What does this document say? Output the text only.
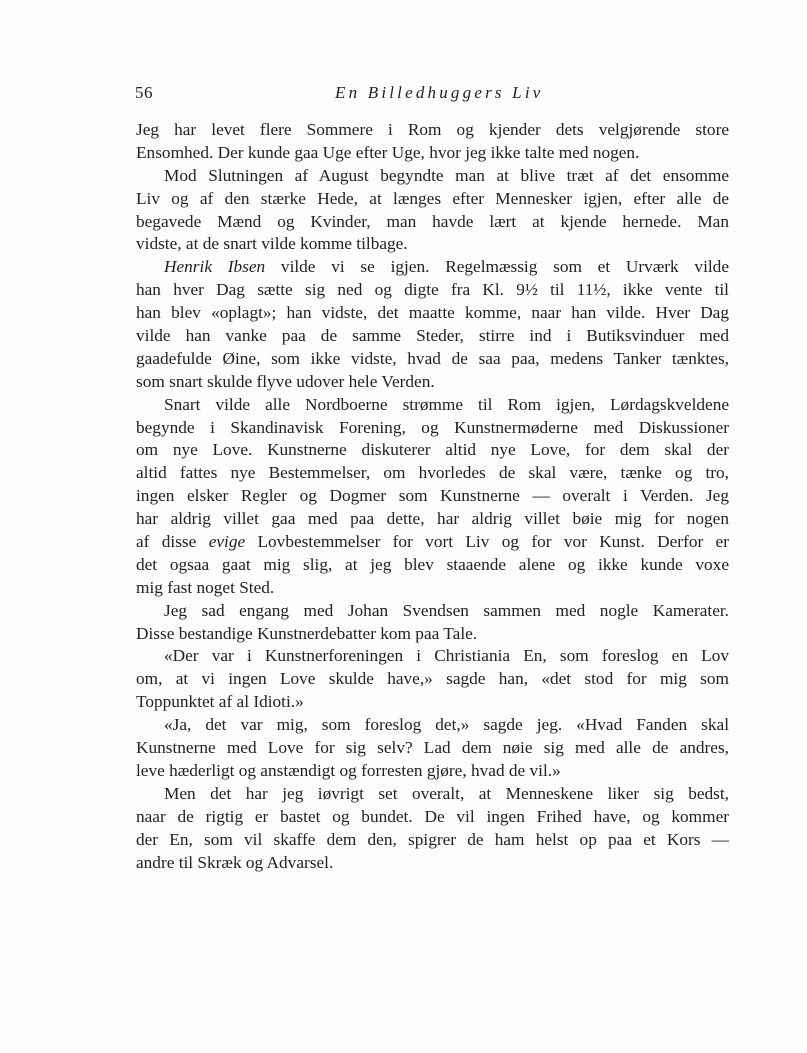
56	En Billedhuggers Liv
Jeg har levet flere Sommere i Rom og kjender dets velgjørende store
Ensomhed. Der kunde gaa Uge efter Uge, hvor jeg ikke talte med nogen.
Mod Slutningen af August begyndte man at blive træt af det ensomme
Liv og af den stærke Hede, at længes efter Mennesker igjen, efter alle de
begavede Mænd og Kvinder, man havde lært at kjende hernede. Man
vidste, at de snart vilde komme tilbage.
Henrik Ibsen vilde vi se igjen. Regelmæssig som et Urværk vilde
han hver Dag sætte sig ned og digte fra Kl. 9½ til 11½, ikke vente til
han blev «oplagt»; han vidste, det maatte komme, naar han vilde. Hver Dag
vilde han vanke paa de samme Steder, stirre ind i Butiksvinduer med
gaadefulde Øine, som ikke vidste, hvad de saa paa, medens Tanker tænktes,
som snart skulde flyve udover hele Verden.
Snart vilde alle Nordboerne strømme til Rom igjen, Lørdagskveldene
begynde i Skandinavisk Forening, og Kunstnermøderne med Diskussioner
om nye Love. Kunstnerne diskuterer altid nye Love, for dem skal der
altid fattes nye Bestemmelser, om hvorledes de skal være, tænke og tro,
ingen elsker Regler og Dogmer som Kunstnerne — overalt i Verden. Jeg
har aldrig villet gaa med paa dette, har aldrig villet bøie mig for nogen
af disse evige Lovbestemmelser for vort Liv og for vor Kunst. Derfor er
det ogsaa gaat mig slig, at jeg blev staaende alene og ikke kunde voxe
mig fast noget Sted.
Jeg sad engang med Johan Svendsen sammen med nogle Kamerater.
Disse bestandige Kunstnerdebatter kom paa Tale.
«Der var i Kunstnerforeningen i Christiania En, som foreslog en Lov
om, at vi ingen Love skulde have,» sagde han, «det stod for mig som
Toppunktet af al Idioti.»
«Ja, det var mig, som foreslog det,» sagde jeg. «Hvad Fanden skal
Kunstnerne med Love for sig selv? Lad dem nøie sig med alle de andres,
leve hæderligt og anstændigt og forresten gjøre, hvad de vil.»
Men det har jeg iøvrigt set overalt, at Menneskene liker sig bedst,
naar de rigtig er bastet og bundet. De vil ingen Frihed have, og kommer
der En, som vil skaffe dem den, spigrer de ham helst op paa et Kors —
andre til Skræk og Advarsel.
